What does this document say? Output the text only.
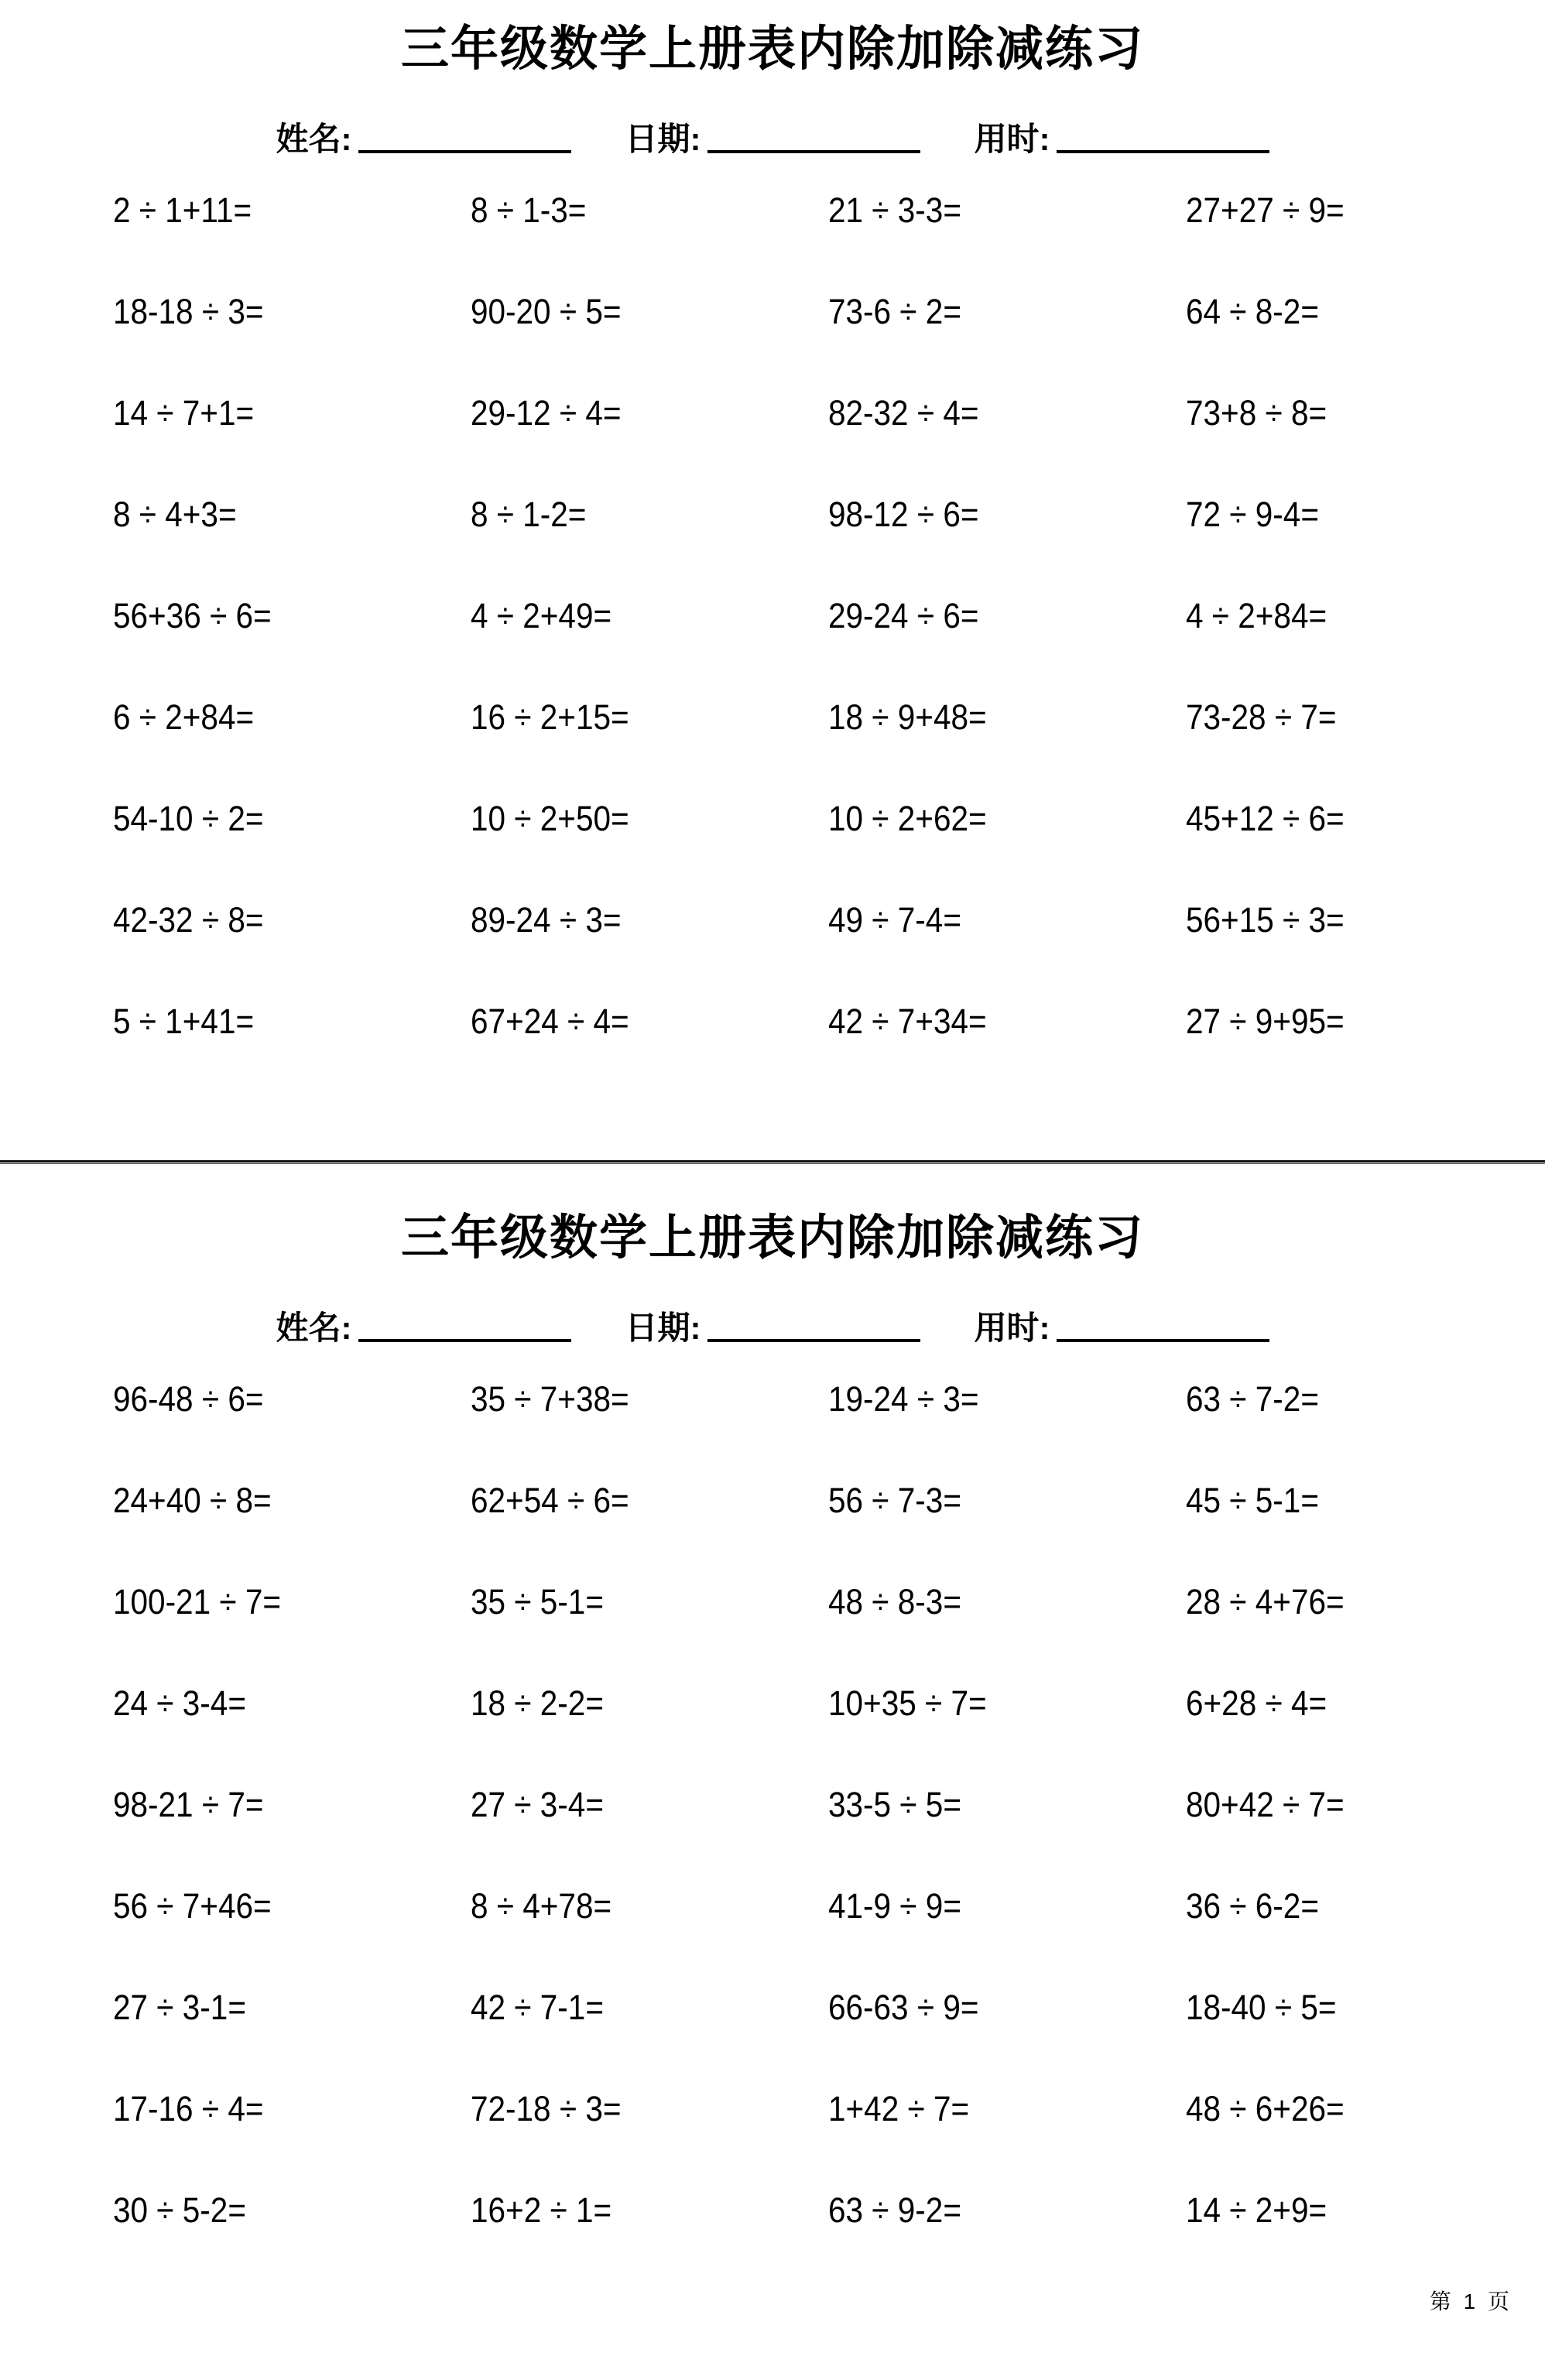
三年级数学上册表内除加除减练习
姓名:	日期:	用时:
2 ÷ 1+11=	8 ÷ 1-3=	21 ÷ 3-3=	27+27 ÷ 9=
18-18 ÷ 3=	90-20 ÷ 5=	73-6 ÷ 2=	64 ÷ 8-2=
14 ÷ 7+1=	29-12 ÷ 4=	82-32 ÷ 4=	73+8 ÷ 8=
8 ÷ 4+3=	8 ÷ 1-2=	98-12 ÷ 6=	72 ÷ 9-4=
56+36 ÷ 6=	4 ÷ 2+49=	29-24 ÷ 6=	4 ÷ 2+84=
6 ÷ 2+84=	16 ÷ 2+15=	18 ÷ 9+48=	73-28 ÷ 7=
54-10 ÷ 2=	10 ÷ 2+50=	10 ÷ 2+62=	45+12 ÷ 6=
42-32 ÷ 8=	89-24 ÷ 3=	49 ÷ 7-4=	56+15 ÷ 3=
5 ÷ 1+41=	67+24 ÷ 4=	42 ÷ 7+34=	27 ÷ 9+95=
三年级数学上册表内除加除减练习
姓名:	日期:	用时:
96-48 ÷ 6=	35 ÷ 7+38=	19-24 ÷ 3=	63 ÷ 7-2=
24+40 ÷ 8=	62+54 ÷ 6=	56 ÷ 7-3=	45 ÷ 5-1=
100-21 ÷ 7=	35 ÷ 5-1=	48 ÷ 8-3=	28 ÷ 4+76=
24 ÷ 3-4=	18 ÷ 2-2=	10+35 ÷ 7=	6+28 ÷ 4=
98-21 ÷ 7=	27 ÷ 3-4=	33-5 ÷ 5=	80+42 ÷ 7=
56 ÷ 7+46=	8 ÷ 4+78=	41-9 ÷ 9=	36 ÷ 6-2=
27 ÷ 3-1=	42 ÷ 7-1=	66-63 ÷ 9=	18-40 ÷ 5=
17-16 ÷ 4=	72-18 ÷ 3=	1+42 ÷ 7=	48 ÷ 6+26=
30 ÷ 5-2=	16+2 ÷ 1=	63 ÷ 9-2=	14 ÷ 2+9=
第 1 页
